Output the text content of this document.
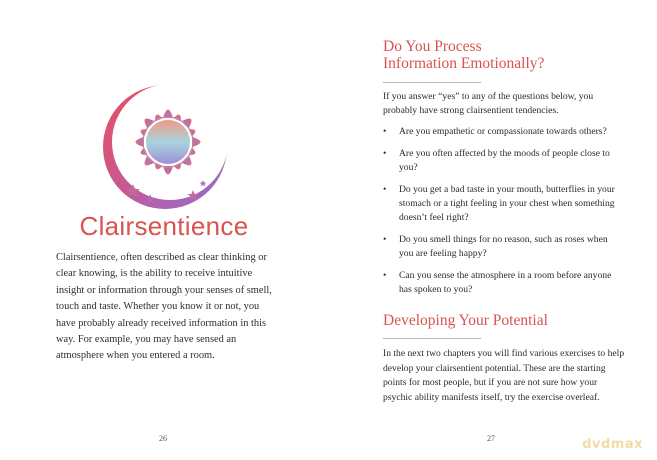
Clairsentience

Clairsentience, often described as clear thinking or clear knowing, is the ability to receive intuitive insight or information through your senses of smell, touch and taste. Whether you know it or not, you have probably already received information in this way. For example, you may have sensed an atmosphere when you entered a room.

26
Do You Process
Information Emotionally?

If you answer “yes” to any of the questions below, you probably have strong clairsentient tendencies.

• Are you empathetic or compassionate towards others?
• Are you often affected by the moods of people close to you?
• Do you get a bad taste in your mouth, butterflies in your stomach or a tight feeling in your chest when something doesn’t feel right?
• Do you smell things for no reason, such as roses when you are feeling happy?
• Can you sense the atmosphere in a room before anyone has spoken to you?
Developing Your Potential

In the next two chapters you will find various exercises to help develop your clairsentient potential. These are the starting points for most people, but if you are not sure how your psychic ability manifests itself, try the exercise overleaf.

27	dvdmax
